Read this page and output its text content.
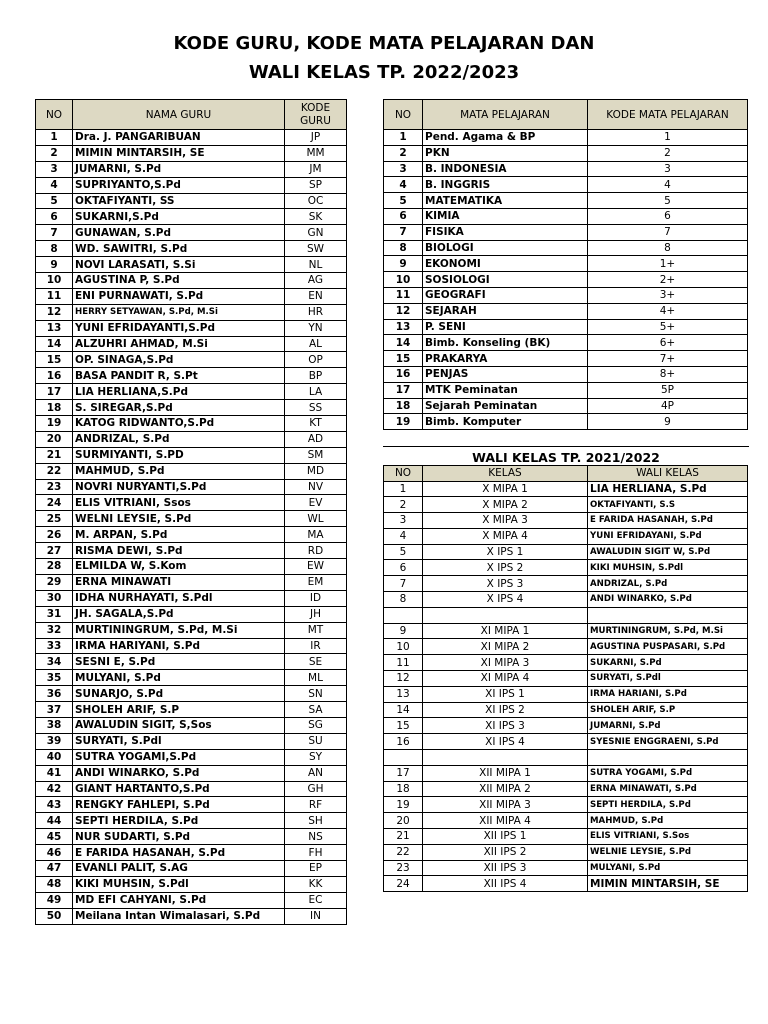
KODE GURU, KODE MATA PELAJARAN DAN
WALI KELAS TP. 2022/2023
NO	NAMA GURU	KODE GURU
1	Dra. J. PANGARIBUAN	JP
2	MIMIN MINTARSIH, SE	MM
3	JUMARNI, S.Pd	JM
4	SUPRIYANTO,S.Pd	SP
5	OKTAFIYANTI, SS	OC
6	SUKARNI,S.Pd	SK
7	GUNAWAN, S.Pd	GN
8	WD. SAWITRI, S.Pd	SW
9	NOVI LARASATI, S.Si	NL
10	AGUSTINA P, S.Pd	AG
11	ENI PURNAWATI, S.Pd	EN
12	HERRY SETYAWAN, S.Pd, M.Si	HR
13	YUNI EFRIDAYANTI,S.Pd	YN
14	ALZUHRI AHMAD, M.Si	AL
15	OP. SINAGA,S.Pd	OP
16	BASA PANDIT R, S.Pt	BP
17	LIA HERLIANA,S.Pd	LA
18	S. SIREGAR,S.Pd	SS
19	KATOG RIDWANTO,S.Pd	KT
20	ANDRIZAL, S.Pd	AD
21	SURMIYANTI, S.PD	SM
22	MAHMUD, S.Pd	MD
23	NOVRI NURYANTI,S.Pd	NV
24	ELIS VITRIANI, Ssos	EV
25	WELNI LEYSIE, S.Pd	WL
26	M. ARPAN, S.Pd	MA
27	RISMA DEWI, S.Pd	RD
28	ELMILDA W, S.Kom	EW
29	ERNA MINAWATI	EM
30	IDHA NURHAYATI, S.Pdl	ID
31	JH. SAGALA,S.Pd	JH
32	MURTININGRUM, S.Pd, M.Si	MT
33	IRMA HARIYANI, S.Pd	IR
34	SESNI E, S.Pd	SE
35	MULYANI, S.Pd	ML
36	SUNARJO, S.Pd	SN
37	SHOLEH ARIF, S.P	SA
38	AWALUDIN SIGIT, S,Sos	SG
39	SURYATI, S.Pdl	SU
40	SUTRA YOGAMI,S.Pd	SY
41	ANDI WINARKO, S.Pd	AN
42	GIANT HARTANTO,S.Pd	GH
43	RENGKY FAHLEPI, S.Pd	RF
44	SEPTI HERDILA, S.Pd	SH
45	NUR SUDARTI, S.Pd	NS
46	E FARIDA HASANAH, S.Pd	FH
47	EVANLI PALIT, S.AG	EP
48	KIKI MUHSIN, S.Pdl	KK
49	MD EFI CAHYANI, S.Pd	EC
50	Meilana Intan Wimalasari, S.Pd	IN
NO	MATA PELAJARAN	KODE MATA PELAJARAN
1	Pend. Agama & BP	1
2	PKN	2
3	B. INDONESIA	3
4	B. INGGRIS	4
5	MATEMATIKA	5
6	KIMIA	6
7	FISIKA	7
8	BIOLOGI	8
9	EKONOMI	1+
10	SOSIOLOGI	2+
11	GEOGRAFI	3+
12	SEJARAH	4+
13	P. SENI	5+
14	Bimb. Konseling (BK)	6+
15	PRAKARYA	7+
16	PENJAS	8+
17	MTK Peminatan	5P
18	Sejarah Peminatan	4P
19	Bimb. Komputer	9
WALI KELAS TP. 2021/2022
NO	KELAS	WALI KELAS
1	X MIPA 1	LIA HERLIANA, S.Pd
2	X MIPA 2	OKTAFIYANTI, S.S
3	X MIPA 3	E FARIDA HASANAH, S.Pd
4	X MIPA 4	YUNI EFRIDAYANI, S.Pd
5	X IPS 1	AWALUDIN SIGIT W, S.Pd
6	X IPS 2	KIKI MUHSIN, S.Pdl
7	X IPS 3	ANDRIZAL, S.Pd
8	X IPS 4	ANDI WINARKO, S.Pd

9	XI MIPA 1	MURTININGRUM, S.Pd, M.Si
10	XI MIPA 2	AGUSTINA PUSPASARI, S.Pd
11	XI MIPA 3	SUKARNI, S.Pd
12	XI MIPA 4	SURYATI, S.Pdl
13	XI IPS 1	IRMA HARIANI, S.Pd
14	XI IPS 2	SHOLEH ARIF, S.P
15	XI IPS 3	JUMARNI, S.Pd
16	XI IPS 4	SYESNIE ENGGRAENI, S.Pd

17	XII MIPA 1	SUTRA YOGAMI, S.Pd
18	XII MIPA 2	ERNA MINAWATI, S.Pd
19	XII MIPA 3	SEPTI HERDILA, S.Pd
20	XII MIPA 4	MAHMUD, S.Pd
21	XII IPS 1	ELIS VITRIANI, S.Sos
22	XII IPS 2	WELNIE LEYSIE, S.Pd
23	XII IPS 3	MULYANI, S.Pd
24	XII IPS 4	MIMIN MINTARSIH, SE
